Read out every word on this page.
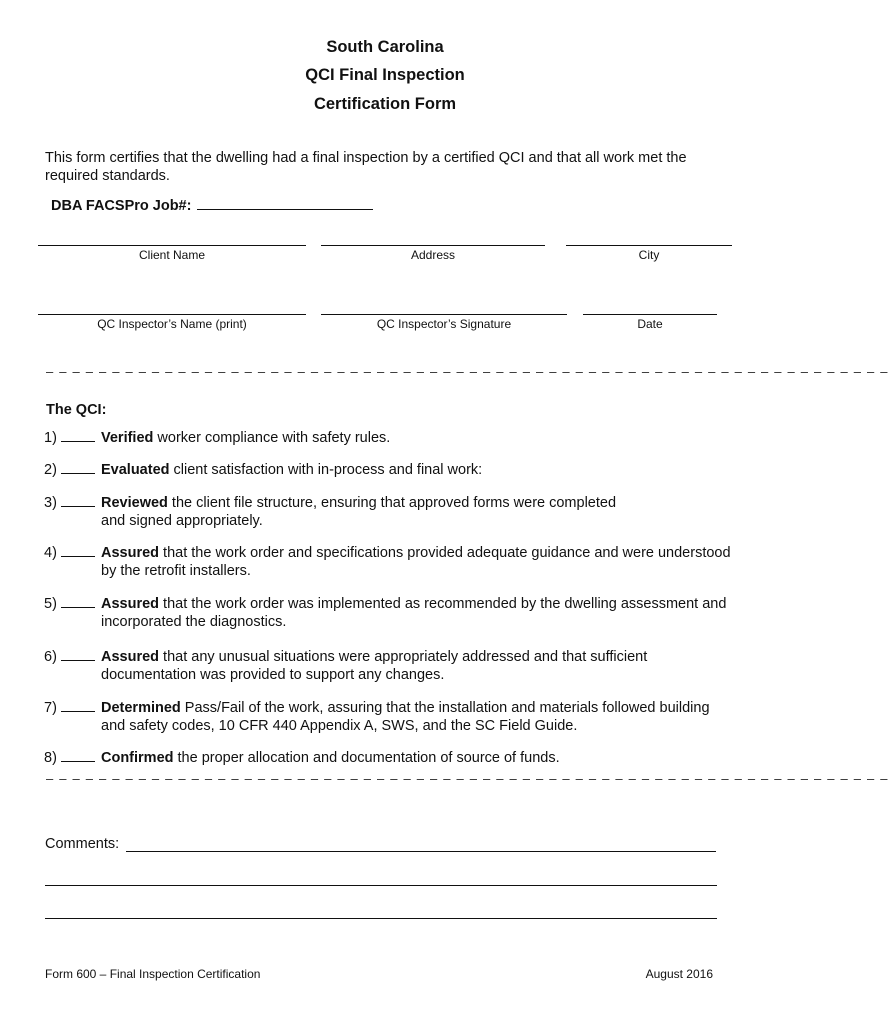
South Carolina
QCI Final Inspection
Certification Form
This form certifies that the dwelling had a final inspection by a certified QCI and that all work met the required standards.
DBA FACSPro Job#:
Client Name	Address	City
QC Inspector’s Name (print)	QC Inspector’s Signature	Date
– – – – – – – – – – – – – – – – – – – – – – – – – – – – – – – – – – – – – – – – – – – – – – – – – – – – – – – – – – – – – – – –
The QCI:
1)	Verified worker compliance with safety rules.
2)	Evaluated client satisfaction with in-process and final work:
3)	Reviewed the client file structure, ensuring that approved forms were completed and signed appropriately.
4)	Assured that the work order and specifications provided adequate guidance and were understood by the retrofit installers.
5)	Assured that the work order was implemented as recommended by the dwelling assessment and incorporated the diagnostics.
6)	Assured that any unusual situations were appropriately addressed and that sufficient documentation was provided to support any changes.
7)	Determined Pass/Fail of the work, assuring that the installation and materials followed building and safety codes, 10 CFR 440 Appendix A, SWS, and the SC Field Guide.
8)	Confirmed the proper allocation and documentation of source of funds.
– – – – – – – – – – – – – – – – – – – – – – – – – – – – – – – – – – – – – – – – – – – – – – – – – – – – – – – – – – – – – – – –
Comments:
Form 600 – Final Inspection Certification	August 2016
